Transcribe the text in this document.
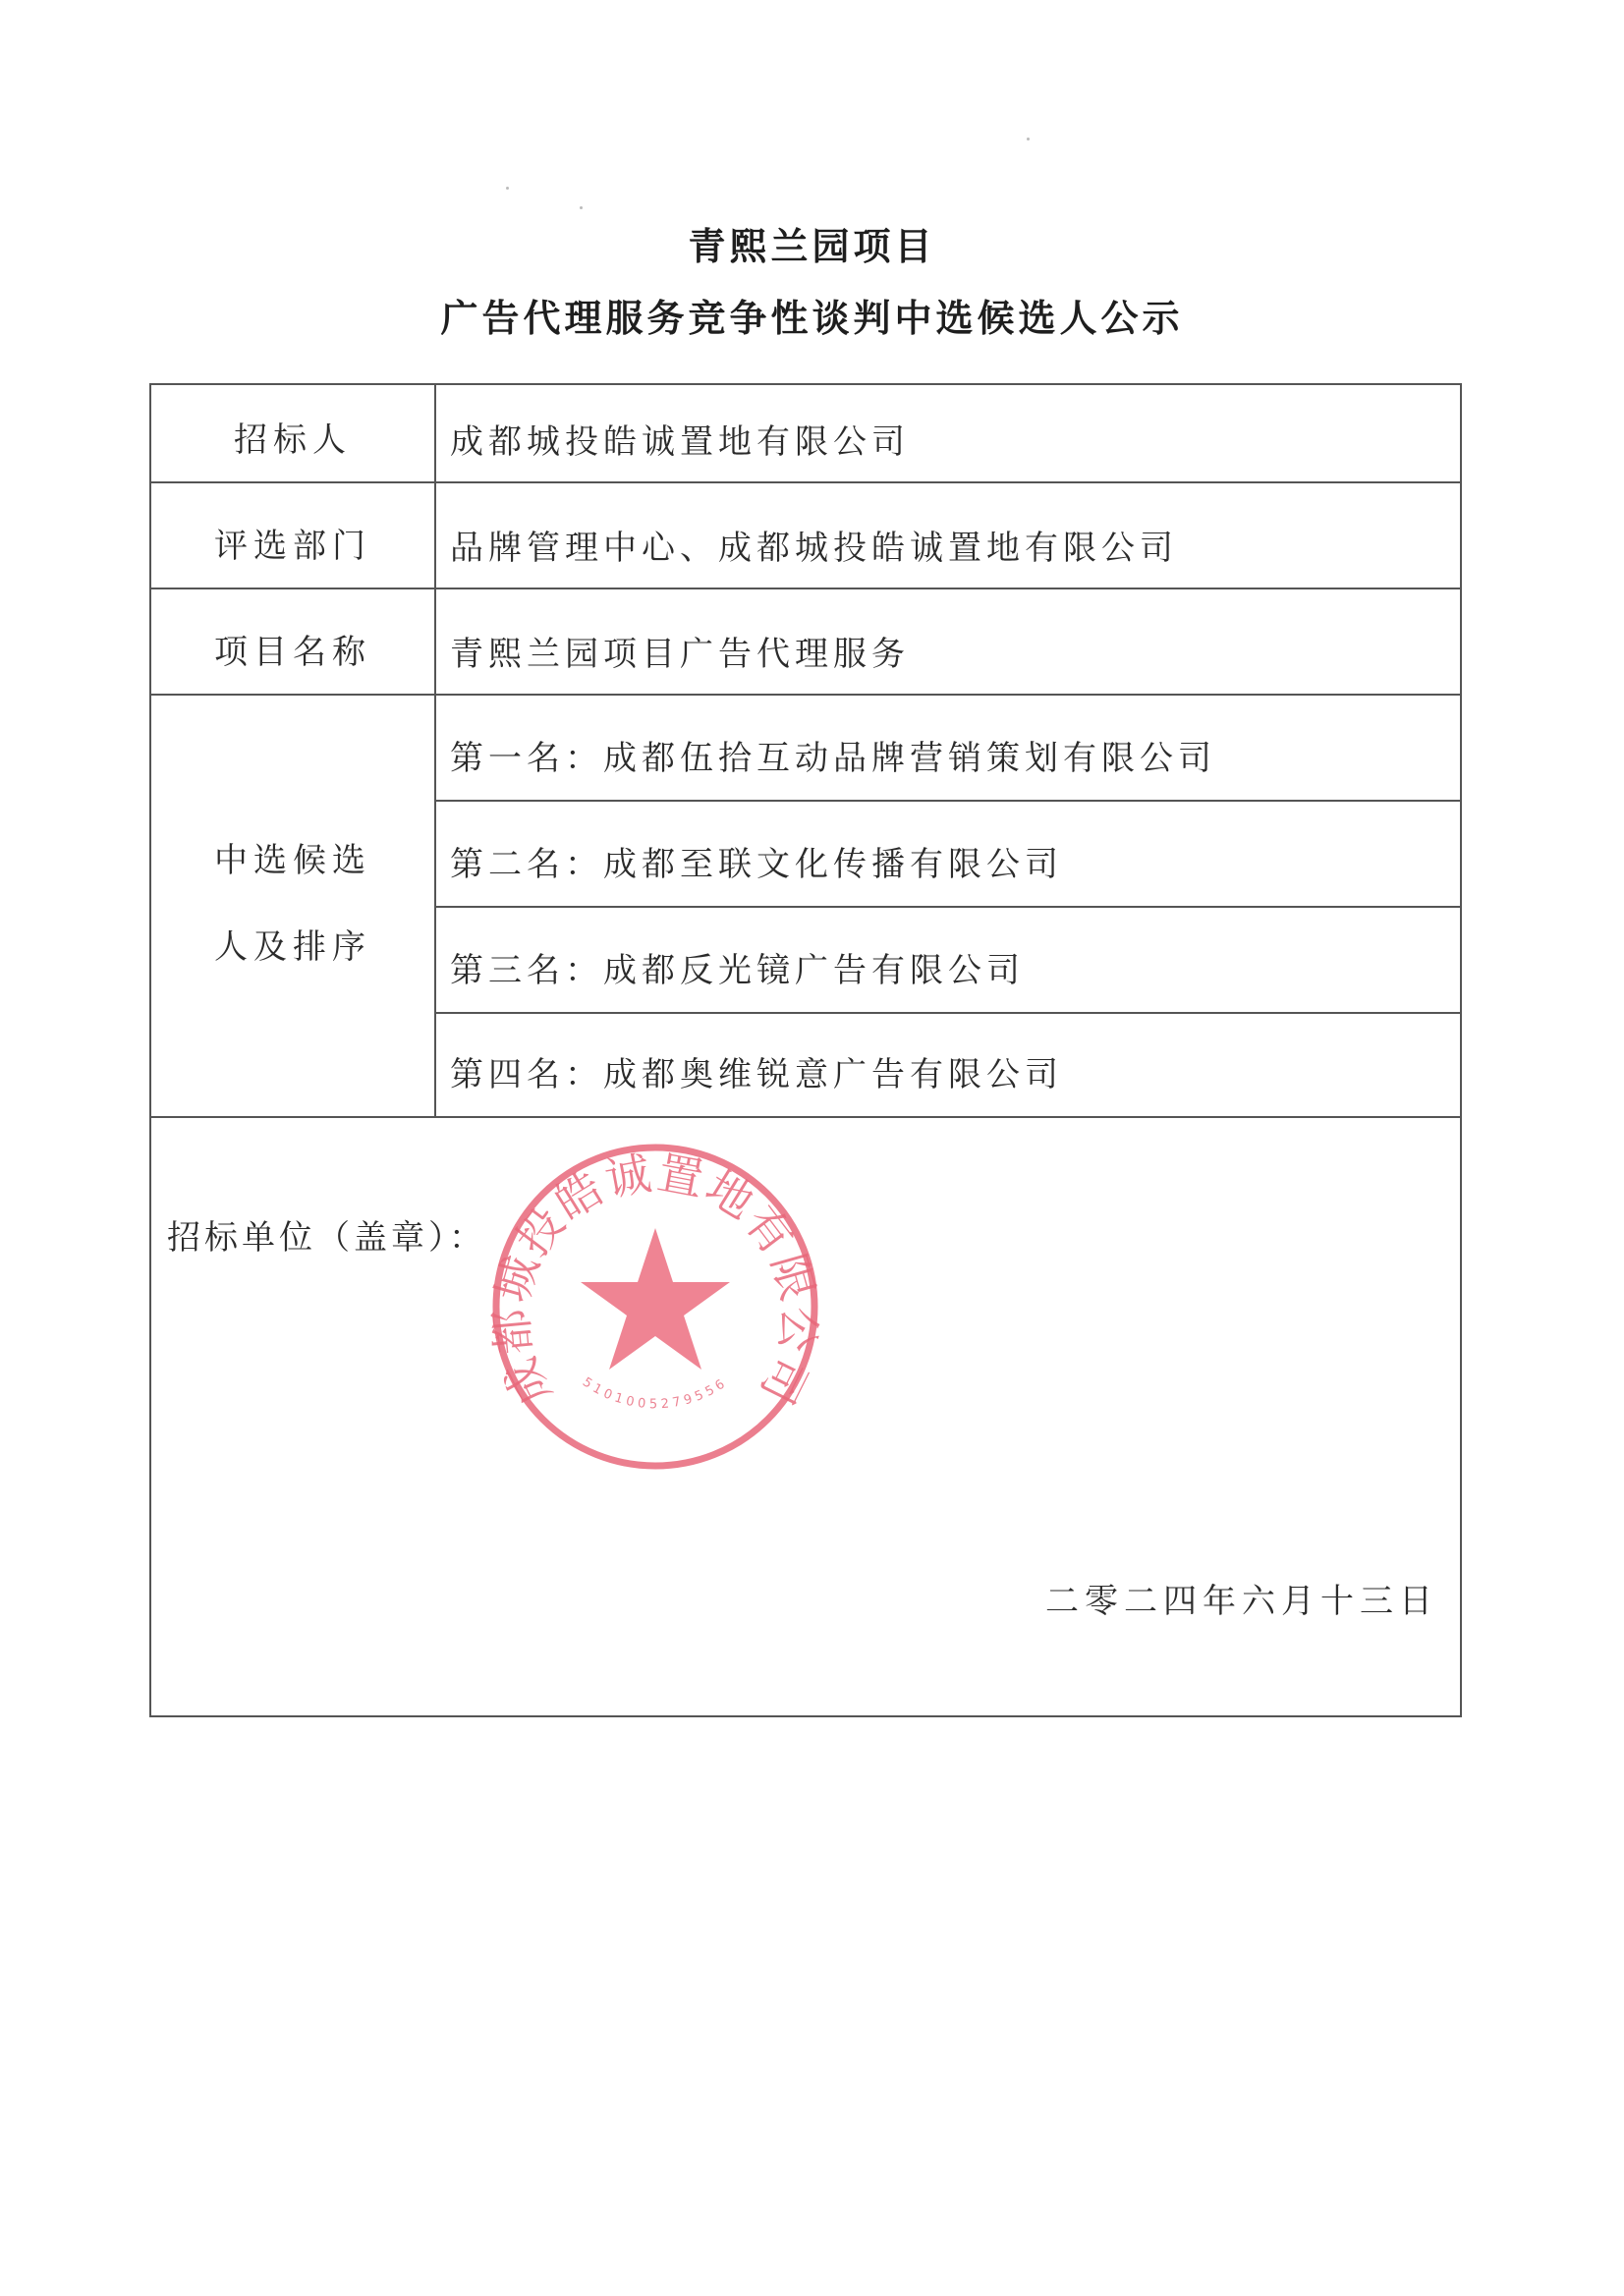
青熙兰园项目
广告代理服务竞争性谈判中选候选人公示
招标人	成都城投皓诚置地有限公司
评选部门	品牌管理中心、成都城投皓诚置地有限公司
项目名称	青熙兰园项目广告代理服务
中选候选
人及排序
第一名：成都伍拾互动品牌营销策划有限公司
第二名：成都至联文化传播有限公司
第三名：成都反光镜广告有限公司
第四名：成都奥维锐意广告有限公司
招标单位（盖章）：
成都城投皓诚置地有限公司
5101005279556
二零二四年六月十三日
